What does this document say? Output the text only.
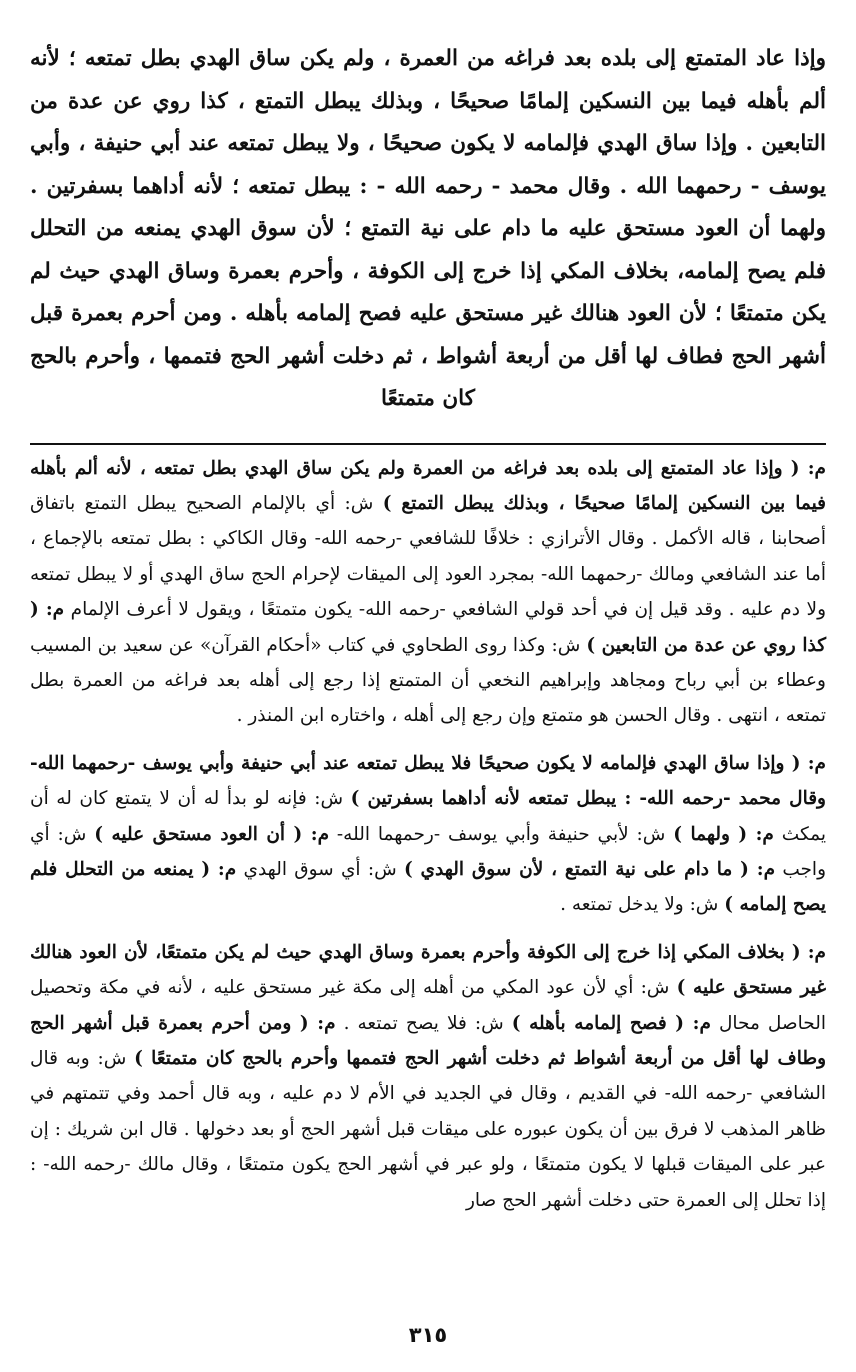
وإذا عاد المتمتع إلى بلده بعد فراغه من العمرة ، ولم يكن ساق الهدي بطل تمتعه ؛ لأنه ألم بأهله فيما بين النسكين إلمامًا صحيحًا ، وبذلك يبطل التمتع ، كذا روي عن عدة من التابعين . وإذا ساق الهدي فإلمامه لا يكون صحيحًا ، ولا يبطل تمتعه عند أبي حنيفة ، وأبي يوسف - رحمهما الله . وقال محمد - رحمه الله - : يبطل تمتعه ؛ لأنه أداهما بسفرتين . ولهما أن العود مستحق عليه ما دام على نية التمتع ؛ لأن سوق الهدي يمنعه من التحلل فلم يصح إلمامه، بخلاف المكي إذا خرج إلى الكوفة ، وأحرم بعمرة وساق الهدي حيث لم يكن متمتعًا ؛ لأن العود هنالك غير مستحق عليه فصح إلمامه بأهله . ومن أحرم بعمرة قبل أشهر الحج فطاف لها أقل من أربعة أشواط ، ثم دخلت أشهر الحج فتممها ، وأحرم بالحج كان متمتعًا

م: ( وإذا عاد المتمتع إلى بلده بعد فراغه من العمرة ولم يكن ساق الهدي بطل تمتعه ، لأنه ألم بأهله فيما بين النسكين إلمامًا صحيحًا ، وبذلك يبطل التمتع ) ش: أي بالإلمام الصحيح يبطل التمتع باتفاق أصحابنا ، قاله الأكمل . وقال الأترازي : خلافًا للشافعي -رحمه الله- وقال الكاكي : بطل تمتعه بالإجماع ، أما عند الشافعي ومالك -رحمهما الله- بمجرد العود إلى الميقات لإحرام الحج ساق الهدي أو لا يبطل تمتعه ولا دم عليه . وقد قيل إن في أحد قولي الشافعي -رحمه الله- يكون متمتعًا ، ويقول لا أعرف الإلمام م: ( كذا روي عن عدة من التابعين ) ش: وكذا روى الطحاوي في كتاب «أحكام القرآن» عن سعيد بن المسيب وعطاء بن أبي رباح ومجاهد وإبراهيم النخعي أن المتمتع إذا رجع إلى أهله بعد فراغه من العمرة بطل تمتعه ، انتهى . وقال الحسن هو متمتع وإن رجع إلى أهله ، واختاره ابن المنذر .

م: ( وإذا ساق الهدي فإلمامه لا يكون صحيحًا فلا يبطل تمتعه عند أبي حنيفة وأبي يوسف -رحمهما الله- وقال محمد -رحمه الله- : يبطل تمتعه لأنه أداهما بسفرتين ) ش: فإنه لو بدأ له أن لا يتمتع كان له أن يمكث م: ( ولهما ) ش: لأبي حنيفة وأبي يوسف -رحمهما الله- م: ( أن العود مستحق عليه ) ش: أي واجب م: ( ما دام على نية التمتع ، لأن سوق الهدي ) ش: أي سوق الهدي م: ( يمنعه من التحلل فلم يصح إلمامه ) ش: ولا يدخل تمتعه .

م: ( بخلاف المكي إذا خرج إلى الكوفة وأحرم بعمرة وساق الهدي حيث لم يكن متمتعًا، لأن العود هنالك غير مستحق عليه ) ش: أي لأن عود المكي من أهله إلى مكة غير مستحق عليه ، لأنه في مكة وتحصيل الحاصل محال م: ( فصح إلمامه بأهله ) ش: فلا يصح تمتعه . م: ( ومن أحرم بعمرة قبل أشهر الحج وطاف لها أقل من أربعة أشواط ثم دخلت أشهر الحج فتممها وأحرم بالحج كان متمتعًا ) ش: وبه قال الشافعي -رحمه الله- في القديم ، وقال في الجديد في الأم لا دم عليه ، وبه قال أحمد وفي تتمتهم في ظاهر المذهب لا فرق بين أن يكون عبوره على ميقات قبل أشهر الحج أو بعد دخولها . قال ابن شريك : إن عبر على الميقات قبلها لا يكون متمتعًا ، ولو عبر في أشهر الحج يكون متمتعًا ، وقال مالك -رحمه الله- : إذا تحلل إلى العمرة حتى دخلت أشهر الحج صار

٣١٥
